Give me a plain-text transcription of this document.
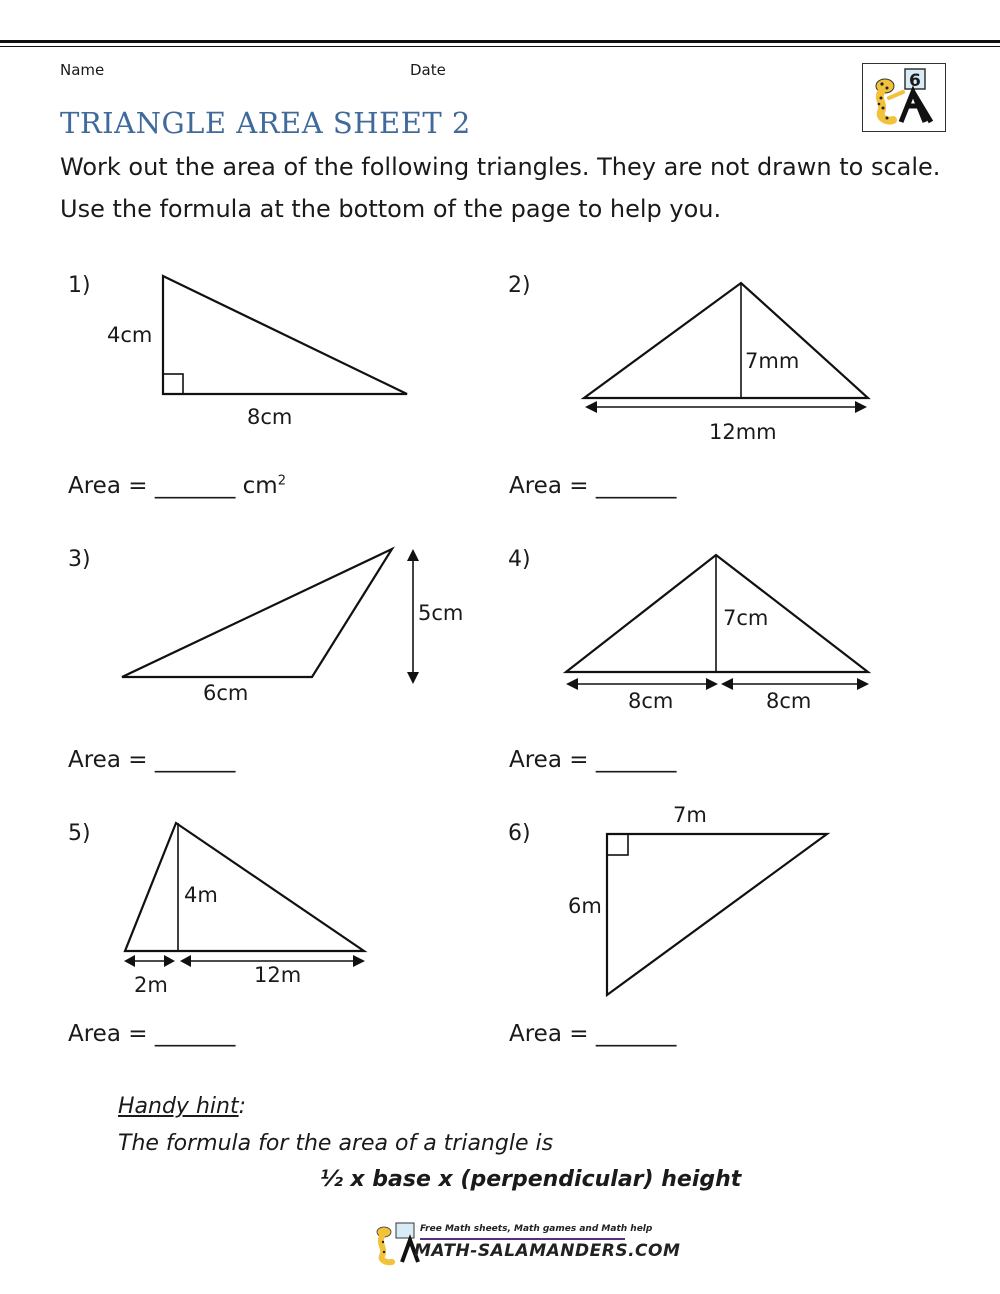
Name	Date
6
TRIANGLE AREA SHEET 2
Work out the area of the following triangles. They are not drawn to scale.
Use the formula at the bottom of the page to help you.
1)
4cm
8cm
7mm
12mm
5cm
6cm
7cm
8cm	8cm
4m
2m	12m
7m
6m
2)
3)	4)
5)	6)
Area = _______ $cm^2$	Area = _______
Area = _______	Area = _______
Area = _______	Area = _______
Handy hint:
The formula for the area of a triangle is
½ x base x (perpendicular) height
Free Math sheets, Math games and Math help
MATH-SALAMANDERS.COM
